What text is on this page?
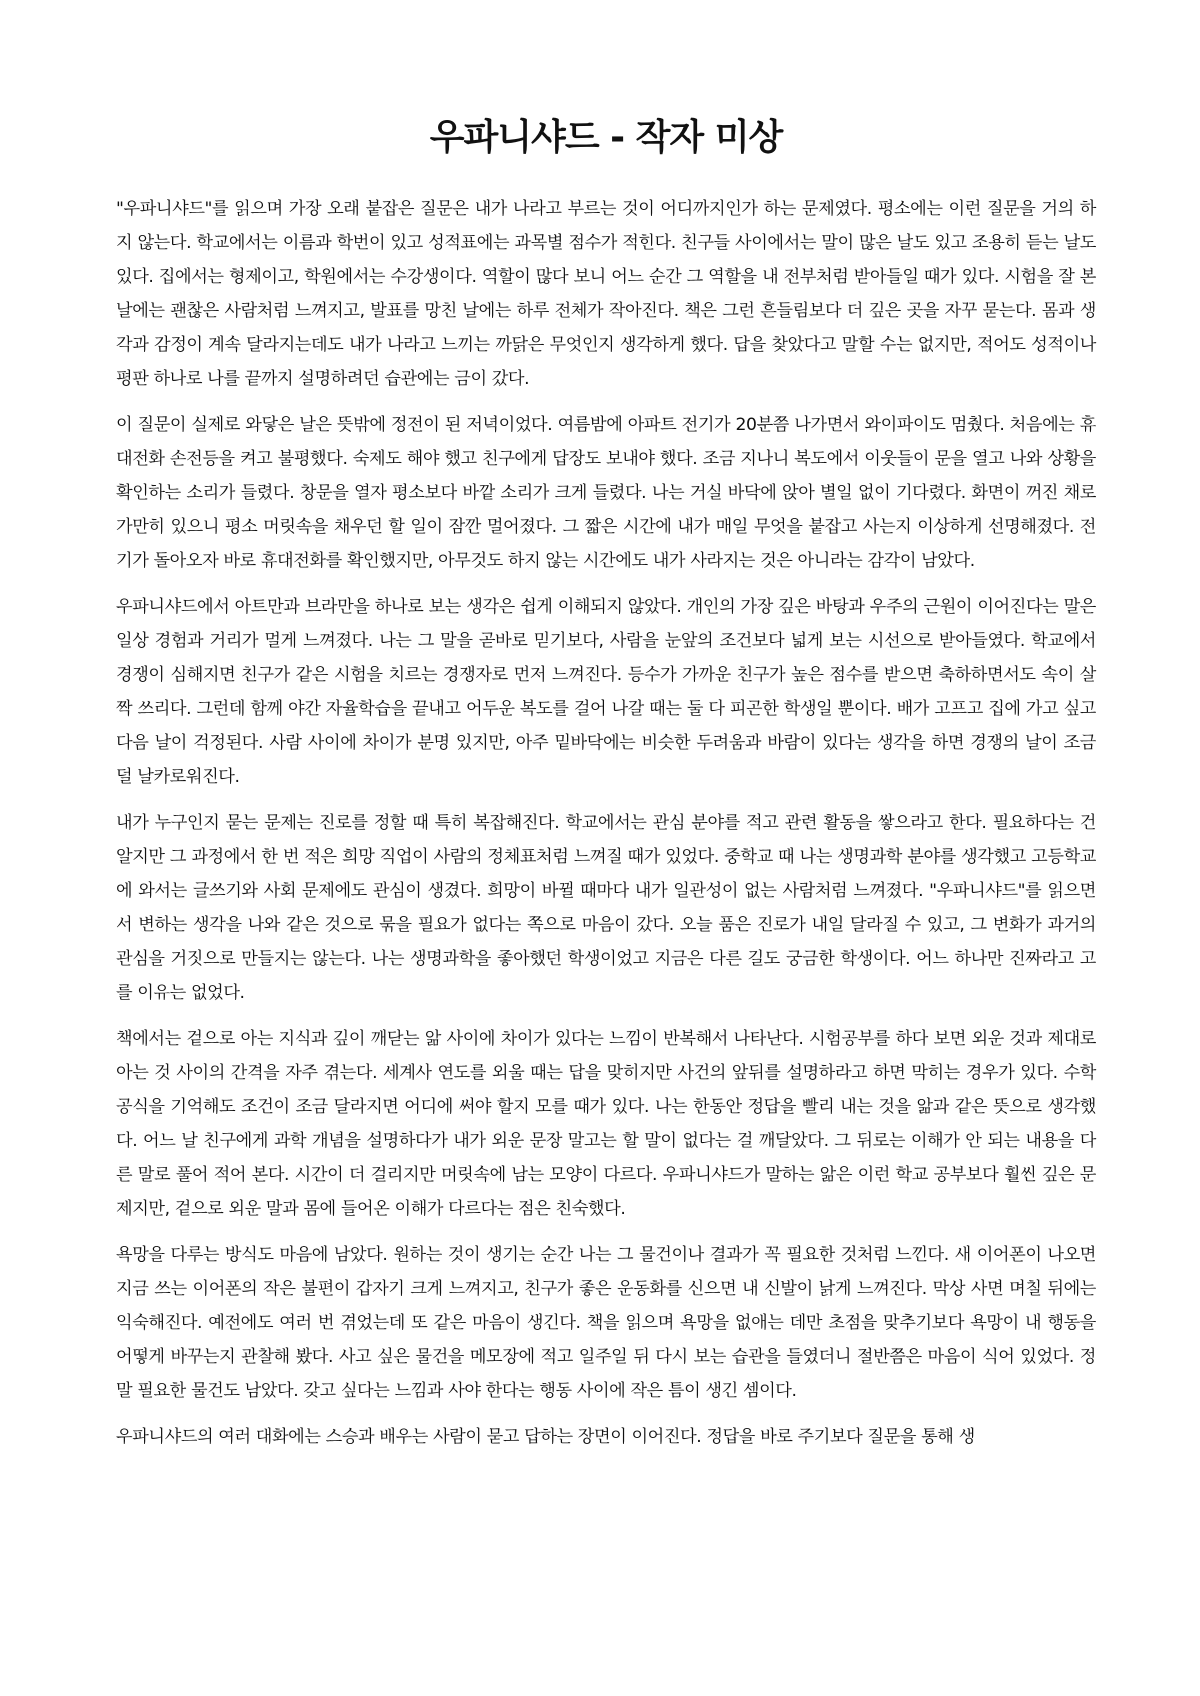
우파니샤드 - 작자 미상

"우파니샤드"를 읽으며 가장 오래 붙잡은 질문은 내가 나라고 부르는 것이 어디까지인가 하는 문제였다. 평소에는 이런 질문을 거의 하지 않는다. 학교에서는 이름과 학번이 있고 성적표에는 과목별 점수가 적힌다. 친구들 사이에서는 말이 많은 날도 있고 조용히 듣는 날도 있다. 집에서는 형제이고, 학원에서는 수강생이다. 역할이 많다 보니 어느 순간 그 역할을 내 전부처럼 받아들일 때가 있다. 시험을 잘 본 날에는 괜찮은 사람처럼 느껴지고, 발표를 망친 날에는 하루 전체가 작아진다. 책은 그런 흔들림보다 더 깊은 곳을 자꾸 묻는다. 몸과 생각과 감정이 계속 달라지는데도 내가 나라고 느끼는 까닭은 무엇인지 생각하게 했다. 답을 찾았다고 말할 수는 없지만, 적어도 성적이나 평판 하나로 나를 끝까지 설명하려던 습관에는 금이 갔다.

이 질문이 실제로 와닿은 날은 뜻밖에 정전이 된 저녁이었다. 여름밤에 아파트 전기가 20분쯤 나가면서 와이파이도 멈췄다. 처음에는 휴대전화 손전등을 켜고 불평했다. 숙제도 해야 했고 친구에게 답장도 보내야 했다. 조금 지나니 복도에서 이웃들이 문을 열고 나와 상황을 확인하는 소리가 들렸다. 창문을 열자 평소보다 바깥 소리가 크게 들렸다. 나는 거실 바닥에 앉아 별일 없이 기다렸다. 화면이 꺼진 채로 가만히 있으니 평소 머릿속을 채우던 할 일이 잠깐 멀어졌다. 그 짧은 시간에 내가 매일 무엇을 붙잡고 사는지 이상하게 선명해졌다. 전기가 돌아오자 바로 휴대전화를 확인했지만, 아무것도 하지 않는 시간에도 내가 사라지는 것은 아니라는 감각이 남았다.

우파니샤드에서 아트만과 브라만을 하나로 보는 생각은 쉽게 이해되지 않았다. 개인의 가장 깊은 바탕과 우주의 근원이 이어진다는 말은 일상 경험과 거리가 멀게 느껴졌다. 나는 그 말을 곧바로 믿기보다, 사람을 눈앞의 조건보다 넓게 보는 시선으로 받아들였다. 학교에서 경쟁이 심해지면 친구가 같은 시험을 치르는 경쟁자로 먼저 느껴진다. 등수가 가까운 친구가 높은 점수를 받으면 축하하면서도 속이 살짝 쓰리다. 그런데 함께 야간 자율학습을 끝내고 어두운 복도를 걸어 나갈 때는 둘 다 피곤한 학생일 뿐이다. 배가 고프고 집에 가고 싶고 다음 날이 걱정된다. 사람 사이에 차이가 분명 있지만, 아주 밑바닥에는 비슷한 두려움과 바람이 있다는 생각을 하면 경쟁의 날이 조금 덜 날카로워진다.

내가 누구인지 묻는 문제는 진로를 정할 때 특히 복잡해진다. 학교에서는 관심 분야를 적고 관련 활동을 쌓으라고 한다. 필요하다는 건 알지만 그 과정에서 한 번 적은 희망 직업이 사람의 정체표처럼 느껴질 때가 있었다. 중학교 때 나는 생명과학 분야를 생각했고 고등학교에 와서는 글쓰기와 사회 문제에도 관심이 생겼다. 희망이 바뀔 때마다 내가 일관성이 없는 사람처럼 느껴졌다. "우파니샤드"를 읽으면서 변하는 생각을 나와 같은 것으로 묶을 필요가 없다는 쪽으로 마음이 갔다. 오늘 품은 진로가 내일 달라질 수 있고, 그 변화가 과거의 관심을 거짓으로 만들지는 않는다. 나는 생명과학을 좋아했던 학생이었고 지금은 다른 길도 궁금한 학생이다. 어느 하나만 진짜라고 고를 이유는 없었다.

책에서는 겉으로 아는 지식과 깊이 깨닫는 앎 사이에 차이가 있다는 느낌이 반복해서 나타난다. 시험공부를 하다 보면 외운 것과 제대로 아는 것 사이의 간격을 자주 겪는다. 세계사 연도를 외울 때는 답을 맞히지만 사건의 앞뒤를 설명하라고 하면 막히는 경우가 있다. 수학 공식을 기억해도 조건이 조금 달라지면 어디에 써야 할지 모를 때가 있다. 나는 한동안 정답을 빨리 내는 것을 앎과 같은 뜻으로 생각했다. 어느 날 친구에게 과학 개념을 설명하다가 내가 외운 문장 말고는 할 말이 없다는 걸 깨달았다. 그 뒤로는 이해가 안 되는 내용을 다른 말로 풀어 적어 본다. 시간이 더 걸리지만 머릿속에 남는 모양이 다르다. 우파니샤드가 말하는 앎은 이런 학교 공부보다 훨씬 깊은 문제지만, 겉으로 외운 말과 몸에 들어온 이해가 다르다는 점은 친숙했다.

욕망을 다루는 방식도 마음에 남았다. 원하는 것이 생기는 순간 나는 그 물건이나 결과가 꼭 필요한 것처럼 느낀다. 새 이어폰이 나오면 지금 쓰는 이어폰의 작은 불편이 갑자기 크게 느껴지고, 친구가 좋은 운동화를 신으면 내 신발이 낡게 느껴진다. 막상 사면 며칠 뒤에는 익숙해진다. 예전에도 여러 번 겪었는데 또 같은 마음이 생긴다. 책을 읽으며 욕망을 없애는 데만 초점을 맞추기보다 욕망이 내 행동을 어떻게 바꾸는지 관찰해 봤다. 사고 싶은 물건을 메모장에 적고 일주일 뒤 다시 보는 습관을 들였더니 절반쯤은 마음이 식어 있었다. 정말 필요한 물건도 남았다. 갖고 싶다는 느낌과 사야 한다는 행동 사이에 작은 틈이 생긴 셈이다.

우파니샤드의 여러 대화에는 스승과 배우는 사람이 묻고 답하는 장면이 이어진다. 정답을 바로 주기보다 질문을 통해 생
